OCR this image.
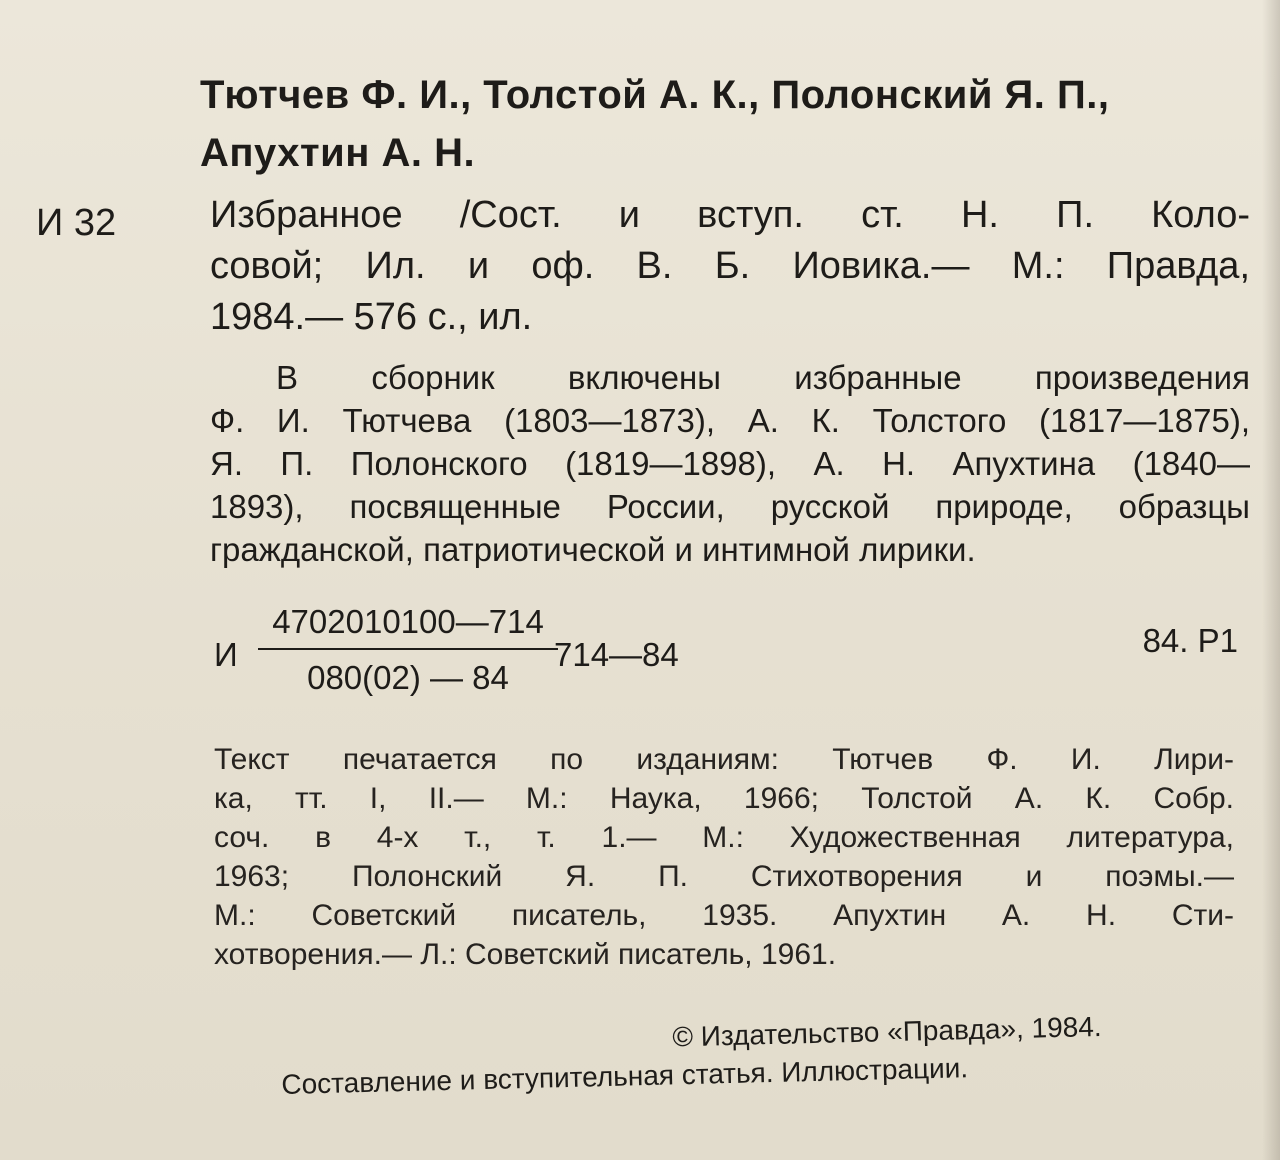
Тютчев Ф. И., Толстой А. К., Полонский Я. П.,
Апухтин А. Н.
И 32 Избранное /Сост. и вступ. ст. Н. П. Коло-
совой; Ил. и оф. В. Б. Иовика.— М.: Правда,
1984.— 576 с., ил.
В сборник включены избранные произведения
Ф. И. Тютчева (1803—1873), А. К. Толстого (1817—1875),
Я. П. Полонского (1819—1898), А. Н. Апухтина (1840—
1893), посвященные России, русской природе, образцы
гражданской, патриотической и интимной лирики.
И
4702010100—714
080(02) — 84
714—84	84. Р1
Текст печатается по изданиям: Тютчев Ф. И. Лири-
ка, тт. I, II.— М.: Наука, 1966; Толстой А. К. Собр.
соч. в 4-х т., т. 1.— М.: Художественная литература,
1963; Полонский Я. П. Стихотворения и поэмы.—
М.: Советский писатель, 1935. Апухтин А. Н. Сти-
хотворения.— Л.: Советский писатель, 1961.
© Издательство «Правда», 1984.
Составление и вступительная статья. Иллюстрации.
